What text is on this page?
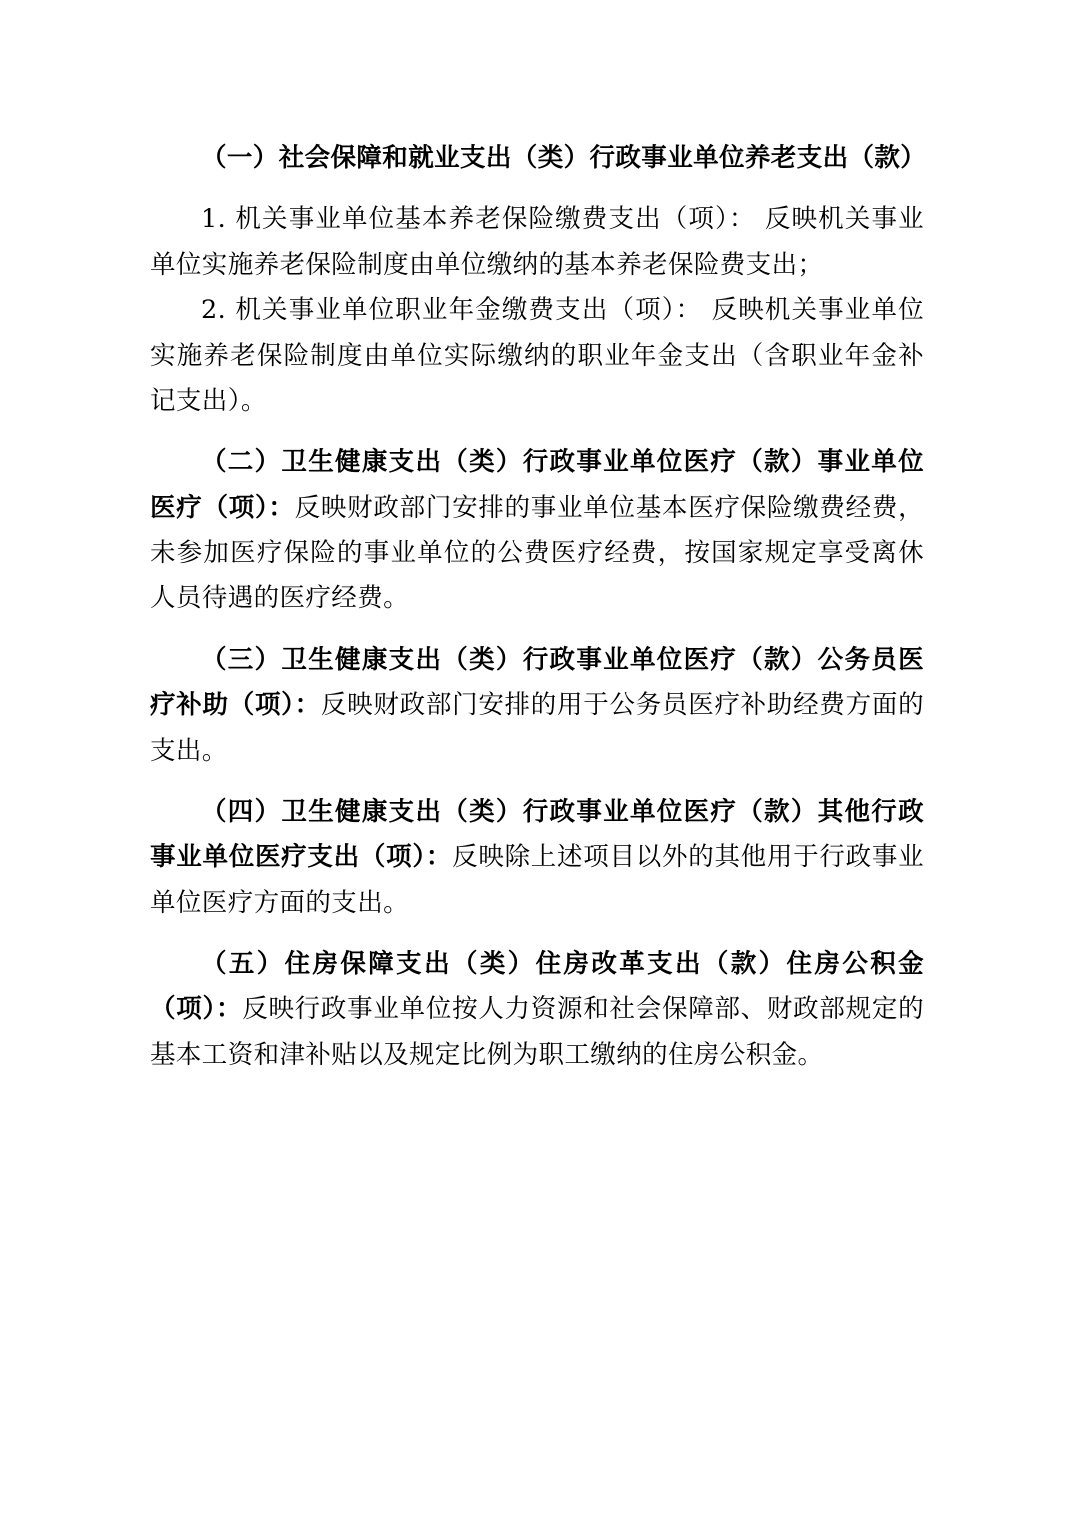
（一）社会保障和就业支出（类）行政事业单位养老支出（款）

1. 机关事业单位基本养老保险缴费支出（项）： 反映机关事业单位实施养老保险制度由单位缴纳的基本养老保险费支出；

2. 机关事业单位职业年金缴费支出（项）： 反映机关事业单位实施养老保险制度由单位实际缴纳的职业年金支出（含职业年金补记支出）。

（二）卫生健康支出（类）行政事业单位医疗（款）事业单位医疗（项）：反映财政部门安排的事业单位基本医疗保险缴费经费，未参加医疗保险的事业单位的公费医疗经费，按国家规定享受离休人员待遇的医疗经费。

（三）卫生健康支出（类）行政事业单位医疗（款）公务员医疗补助（项）：反映财政部门安排的用于公务员医疗补助经费方面的支出。

（四）卫生健康支出（类）行政事业单位医疗（款）其他行政事业单位医疗支出（项）：反映除上述项目以外的其他用于行政事业单位医疗方面的支出。

（五）住房保障支出（类）住房改革支出（款）住房公积金（项）：反映行政事业单位按人力资源和社会保障部、财政部规定的基本工资和津补贴以及规定比例为职工缴纳的住房公积金。
